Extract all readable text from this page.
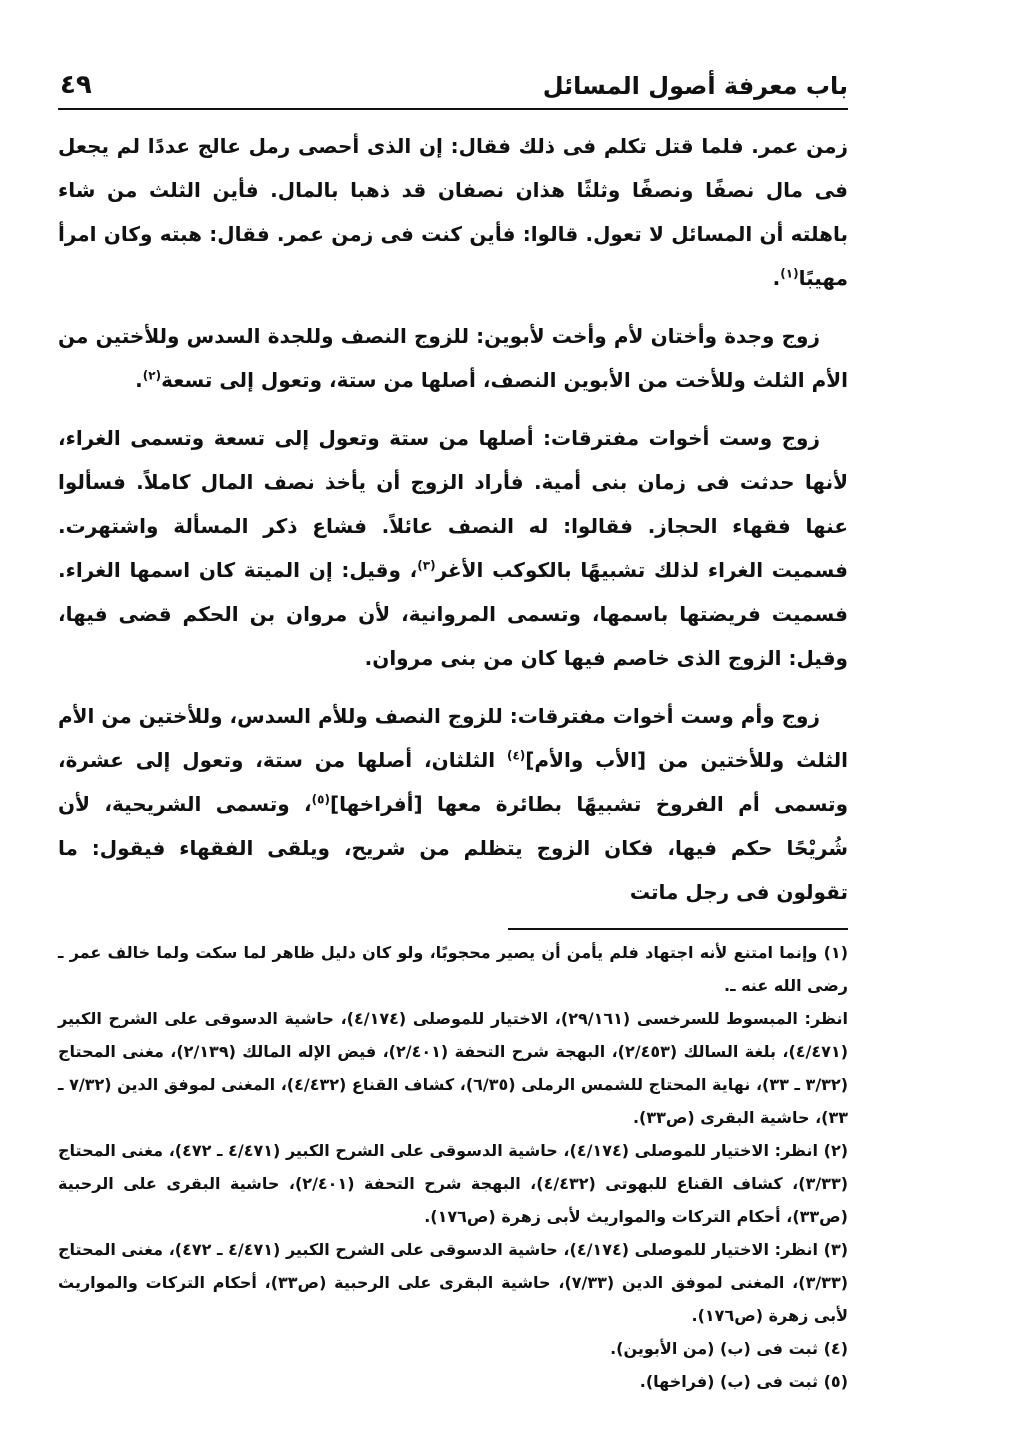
باب معرفة أصول المسائل
٤٩

زمن عمر. فلما قتل تكلم فى ذلك فقال: إن الذى أحصى رمل عالج عددًا لم يجعل فى مال نصفًا ونصفًا وثلثًا هذان نصفان قد ذهبا بالمال. فأين الثلث من شاء باهلته أن المسائل لا تعول. قالوا: فأين كنت فى زمن عمر. فقال: هبته وكان امرأ مهيبًا$^{(١)}$.

زوج وجدة وأختان لأم وأخت لأبوين: للزوج النصف وللجدة السدس وللأختين من الأم الثلث وللأخت من الأبوين النصف، أصلها من ستة، وتعول إلى تسعة$^{(٢)}$.

زوج وست أخوات مفترقات: أصلها من ستة وتعول إلى تسعة وتسمى الغراء، لأنها حدثت فى زمان بنى أمية. فأراد الزوج أن يأخذ نصف المال كاملاً. فسألوا عنها فقهاء الحجاز. فقالوا: له النصف عائلاً. فشاع ذكر المسألة واشتهرت. فسميت الغراء لذلك تشبيهًا بالكوكب الأغر$^{(٣)}$، وقيل: إن الميتة كان اسمها الغراء. فسميت فريضتها باسمها، وتسمى المروانية، لأن مروان بن الحكم قضى فيها، وقيل: الزوج الذى خاصم فيها كان من بنى مروان.

زوج وأم وست أخوات مفترقات: للزوج النصف وللأم السدس، وللأختين من الأم الثلث وللأختين من [الأب والأم]$^{(٤)}$ الثلثان، أصلها من ستة، وتعول إلى عشرة، وتسمى أم الفروخ تشبيهًا بطائرة معها [أفراخها]$^{(٥)}$، وتسمى الشريحية، لأن شُريْحًا حكم فيها، فكان الزوج يتظلم من شريح، ويلقى الفقهاء فيقول: ما تقولون فى رجل ماتت

(١) وإنما امتنع لأنه اجتهاد فلم يأمن أن يصير محجوبًا، ولو كان دليل ظاهر لما سكت ولما خالف عمر ـ رضى الله عنه ـ.

انظر: المبسوط للسرخسى (٢٩/١٦١)، الاختيار للموصلى (٤/١٧٤)، حاشية الدسوقى على الشرح الكبير (٤/٤٧١)، بلغة السالك (٢/٤٥٣)، البهجة شرح التحفة (٢/٤٠١)، فيض الإله المالك (٢/١٣٩)، مغنى المحتاج (٣/٣٢ ـ ٣٣)، نهاية المحتاج للشمس الرملى (٦/٣٥)، كشاف القناع (٤/٤٣٢)، المغنى لموفق الدين (٧/٣٢ ـ ٣٣)، حاشية البقرى (ص٣٣).

(٢) انظر: الاختيار للموصلى (٤/١٧٤)، حاشية الدسوقى على الشرح الكبير (٤/٤٧١ ـ ٤٧٢)، مغنى المحتاج (٣/٣٣)، كشاف القناع للبهوتى (٤/٤٣٢)، البهجة شرح التحفة (٢/٤٠١)، حاشية البقرى على الرحبية (ص٣٣)، أحكام التركات والمواريث لأبى زهرة (ص١٧٦).

(٣) انظر: الاختيار للموصلى (٤/١٧٤)، حاشية الدسوقى على الشرح الكبير (٤/٤٧١ ـ ٤٧٢)، مغنى المحتاج (٣/٣٣)، المغنى لموفق الدين (٧/٣٣)، حاشية البقرى على الرحبية (ص٣٣)، أحكام التركات والمواريث لأبى زهرة (ص١٧٦).

(٤) ثبت فى (ب) (من الأبوين).

(٥) ثبت فى (ب) (فراخها).
